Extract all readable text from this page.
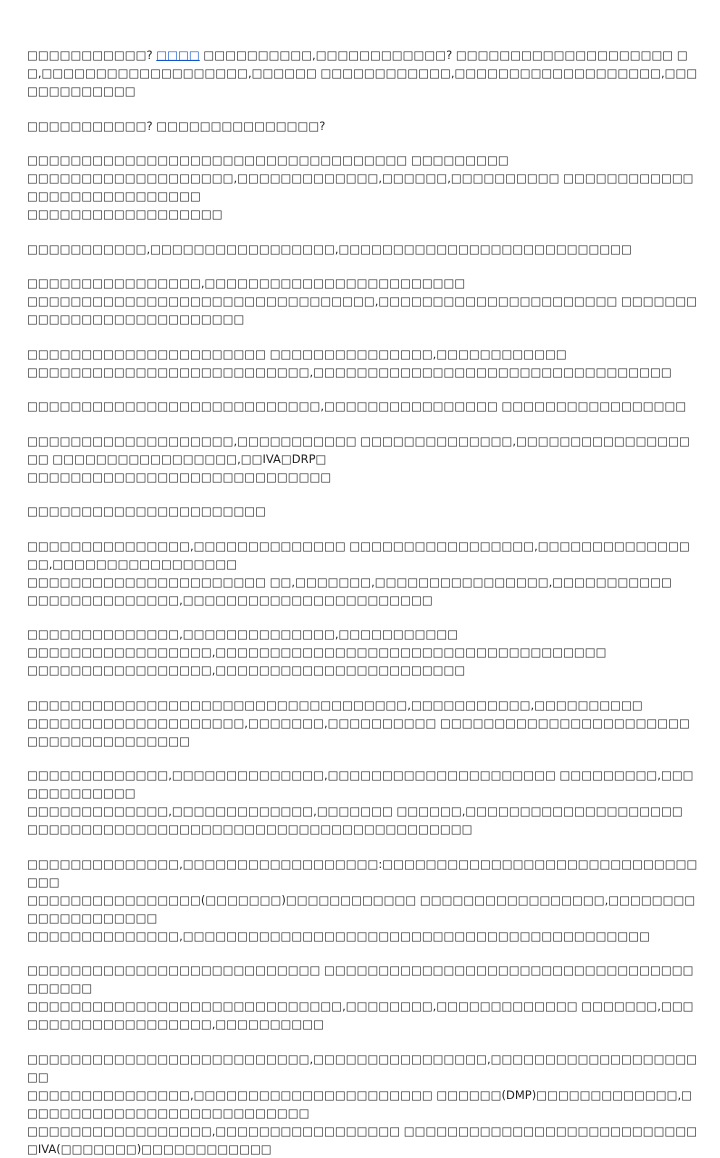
□□□□□□□□□□□? □□□□ □□□□□□□□□□,□□□□□□□□□□□□? □□□□□□□□□□□□□□□□□□□□ □□,□□□□□□□□□□□□□□□□□□□,□□□□□□ □□□□□□□□□□□□,□□□□□□□□□□□□□□□□□□□,□□□□□□□□□□□□□

□□□□□□□□□□□? □□□□□□□□□□□□□□□?

□□□□□□□□□□□□□□□□□□□□□□□□□□□□□□□□□□□ □□□□□□□□□
□□□□□□□□□□□□□□□□□□□,□□□□□□□□□□□□□,□□□□□□,□□□□□□□□□□ □□□□□□□□□□□□□□□□□□□□□□□□□□□□
□□□□□□□□□□□□□□□□□□

□□□□□□□□□□□,□□□□□□□□□□□□□□□□□,□□□□□□□□□□□□□□□□□□□□□□□□□□□

□□□□□□□□□□□□□□□□,□□□□□□□□□□□□□□□□□□□□□□□□
□□□□□□□□□□□□□□□□□□□□□□□□□□□□□□□□,□□□□□□□□□□□□□□□□□□□□□□ □□□□□□□□□□□□□□□□□□□□□□□□□□□

□□□□□□□□□□□□□□□□□□□□□□ □□□□□□□□□□□□□□□,□□□□□□□□□□□□
□□□□□□□□□□□□□□□□□□□□□□□□□□,□□□□□□□□□□□□□□□□□□□□□□□□□□□□□□□□□

□□□□□□□□□□□□□□□□□□□□□□□□□□□,□□□□□□□□□□□□□□□□ □□□□□□□□□□□□□□□□□

□□□□□□□□□□□□□□□□□□□,□□□□□□□□□□□ □□□□□□□□□□□□□□,□□□□□□□□□□□□□□□□□□ □□□□□□□□□□□□□□□□□,□□IVA□DRP□
□□□□□□□□□□□□□□□□□□□□□□□□□□□□

□□□□□□□□□□□□□□□□□□□□□□

□□□□□□□□□□□□□□□,□□□□□□□□□□□□□□ □□□□□□□□□□□□□□□□□,□□□□□□□□□□□□□□□□,□□□□□□□□□□□□□□□□□
□□□□□□□□□□□□□□□□□□□□□□ □□,□□□□□□□,□□□□□□□□□□□□□□□□,□□□□□□□□□□□
□□□□□□□□□□□□□□,□□□□□□□□□□□□□□□□□□□□□□□

□□□□□□□□□□□□□□,□□□□□□□□□□□□□□,□□□□□□□□□□□
□□□□□□□□□□□□□□□□□,□□□□□□□□□□□□□□□□□□□□□□□□□□□□□□□□□□□□
□□□□□□□□□□□□□□□□□,□□□□□□□□□□□□□□□□□□□□□□□

□□□□□□□□□□□□□□□□□□□□□□□□□□□□□□□□□□□,□□□□□□□□□□□,□□□□□□□□□□
□□□□□□□□□□□□□□□□□□□□,□□□□□□□,□□□□□□□□□□ □□□□□□□□□□□□□□□□□□□□□□□□□□□□□□□□□□□□□□

□□□□□□□□□□□□□,□□□□□□□□□□□□□□,□□□□□□□□□□□□□□□□□□□□□ □□□□□□□□□,□□□□□□□□□□□□□
□□□□□□□□□□□□□,□□□□□□□□□□□□□,□□□□□□□ □□□□□□,□□□□□□□□□□□□□□□□□□□□
□□□□□□□□□□□□□□□□□□□□□□□□□□□□□□□□□□□□□□□□□

□□□□□□□□□□□□□□,□□□□□□□□□□□□□□□□□□:□□□□□□□□□□□□□□□□□□□□□□□□□□□□□□□□
□□□□□□□□□□□□□□□□(□□□□□□□)□□□□□□□□□□□□ □□□□□□□□□□□□□□□□□,□□□□□□□□□□□□□□□□□□□□
□□□□□□□□□□□□□□,□□□□□□□□□□□□□□□□□□□□□□□□□□□□□□□□□□□□□□□□□□□

□□□□□□□□□□□□□□□□□□□□□□□□□□□ □□□□□□□□□□□□□□□□□□□□□□□□□□□□□□□□□□□□□□□□
□□□□□□□□□□□□□□□□□□□□□□□□□□□□□,□□□□□□□□,□□□□□□□□□□□□□ □□□□□□□,□□□□□□□□□□□□□□□□□□□□,□□□□□□□□□□

□□□□□□□□□□□□□□□□□□□□□□□□□□,□□□□□□□□□□□□□□□□,□□□□□□□□□□□□□□□□□□□□□
□□□□□□□□□□□□□□□,□□□□□□□□□□□□□□□□□□□□□□ □□□□□□(DMP)□□□□□□□□□□□□□,□□□□□□□□□□□□□□□□□□□□□□□□□□□
□□□□□□□□□□□□□□□□□,□□□□□□□□□□□□□□□□□ □□□□□□□□□□□□□□□□□□□□□□□□□□□□IVA(□□□□□□□)□□□□□□□□□□□□
